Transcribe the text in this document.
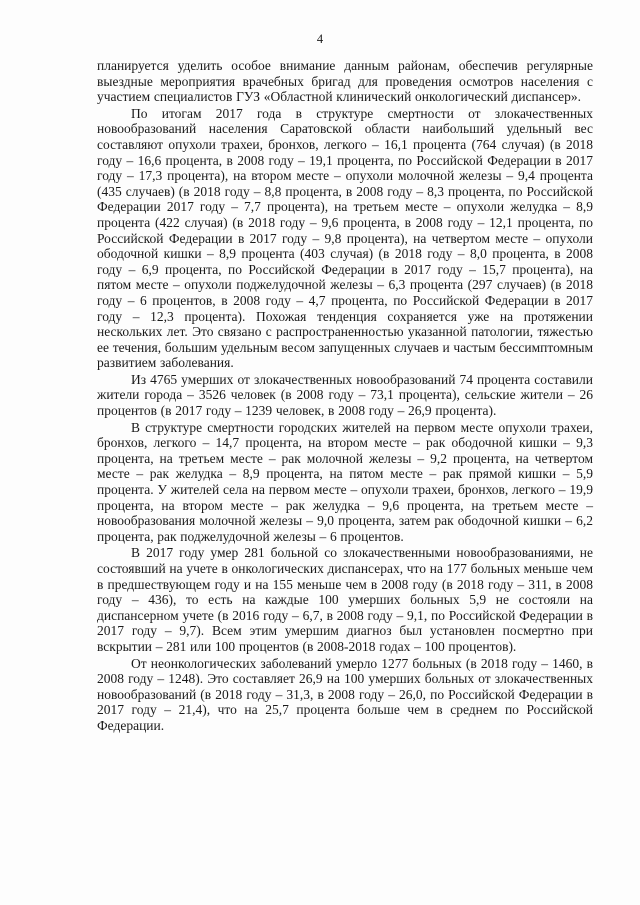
4

планируется уделить особое внимание данным районам, обеспечив регулярные выездные мероприятия врачебных бригад для проведения осмотров населения с участием специалистов ГУЗ «Областной клинический онкологический диспансер».

По итогам 2017 года в структуре смертности от злокачественных новообразований населения Саратовской области наибольший удельный вес составляют опухоли трахеи, бронхов, легкого – 16,1 процента (764 случая) (в 2018 году – 16,6 процента, в 2008 году – 19,1 процента, по Российской Федерации в 2017 году – 17,3 процента), на втором месте – опухоли молочной железы – 9,4 процента (435 случаев) (в 2018 году – 8,8 процента, в 2008 году – 8,3 процента, по Российской Федерации 2017 году – 7,7 процента), на третьем месте – опухоли желудка – 8,9 процента (422 случая) (в 2018 году – 9,6 процента, в 2008 году – 12,1 процента, по Российской Федерации в 2017 году – 9,8 процента), на четвертом месте – опухоли ободочной кишки – 8,9 процента (403 случая) (в 2018 году – 8,0 процента, в 2008 году – 6,9 процента, по Российской Федерации в 2017 году – 15,7 процента), на пятом месте – опухоли поджелудочной железы – 6,3 процента (297 случаев) (в 2018 году – 6 процентов, в 2008 году – 4,7 процента, по Российской Федерации в 2017 году – 12,3 процента). Похожая тенденция сохраняется уже на протяжении нескольких лет. Это связано с распространенностью указанной патологии, тяжестью ее течения, большим удельным весом запущенных случаев и частым бессимптомным развитием заболевания.

Из 4765 умерших от злокачественных новообразований 74 процента составили жители города – 3526 человек (в 2008 году – 73,1 процента), сельские жители – 26 процентов (в 2017 году – 1239 человек, в 2008 году – 26,9 процента).

В структуре смертности городских жителей на первом месте опухоли трахеи, бронхов, легкого – 14,7 процента, на втором месте – рак ободочной кишки – 9,3 процента, на третьем месте – рак молочной железы – 9,2 процента, на четвертом месте – рак желудка – 8,9 процента, на пятом месте – рак прямой кишки – 5,9 процента. У жителей села на первом месте – опухоли трахеи, бронхов, легкого – 19,9 процента, на втором месте – рак желудка – 9,6 процента, на третьем месте – новообразования молочной железы – 9,0 процента, затем рак ободочной кишки – 6,2 процента, рак поджелудочной железы – 6 процентов.

В 2017 году умер 281 больной со злокачественными новообразованиями, не состоявший на учете в онкологических диспансерах, что на 177 больных меньше чем в предшествующем году и на 155 меньше чем в 2008 году (в 2018 году – 311, в 2008 году – 436), то есть на каждые 100 умерших больных 5,9 не состояли на диспансерном учете (в 2016 году – 6,7, в 2008 году – 9,1, по Российской Федерации в 2017 году – 9,7). Всем этим умершим диагноз был установлен посмертно при вскрытии – 281 или 100 процентов (в 2008-2018 годах – 100 процентов).

От неонкологических заболеваний умерло 1277 больных (в 2018 году – 1460, в 2008 году – 1248). Это составляет 26,9 на 100 умерших больных от злокачественных новообразований (в 2018 году – 31,3, в 2008 году – 26,0, по Российской Федерации в 2017 году – 21,4), что на 25,7 процента больше чем в среднем по Российской Федерации.
